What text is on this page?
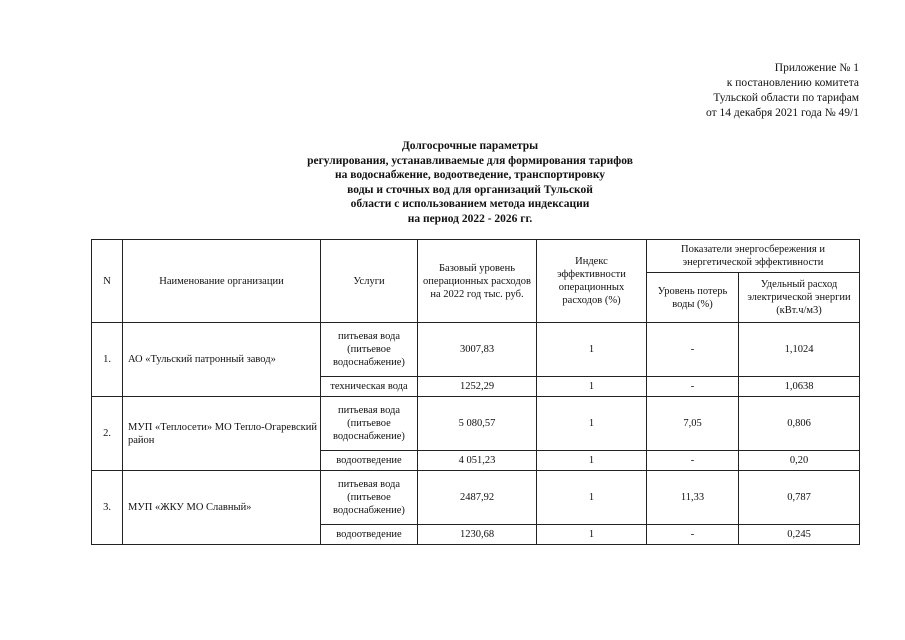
Приложение № 1
к постановлению комитета
Тульской области по тарифам
от 14 декабря 2021 года № 49/1
Долгосрочные параметры
регулирования, устанавливаемые для формирования тарифов
на водоснабжение, водоотведение, транспортировку
воды и сточных вод для организаций Тульской
области с использованием метода индексации
на период 2022 - 2026 гг.
N	Наименование организации	Услуги	Базовый уровень операционных расходов на 2022 год тыс. руб.	Индекс эффективности операционных расходов (%)	Показатели энергосбережения и энергетической эффективности	
					Уровень потерь воды (%)	Удельный расход электрической энергии (кВт.ч/м3)
1.	АО «Тульский патронный завод»	питьевая вода (питьевое водоснабжение)	3007,83	1	-	1,1024
		техническая вода	1252,29	1	-	1,0638
2.	МУП «Теплосети» МО Тепло-Огаревский район	питьевая вода (питьевое водоснабжение)	5 080,57	1	7,05	0,806
		водоотведение	4 051,23	1	-	0,20
3.	МУП «ЖКУ МО Славный»	питьевая вода (питьевое водоснабжение)	2487,92	1	11,33	0,787
		водоотведение	1230,68	1	-	0,245
